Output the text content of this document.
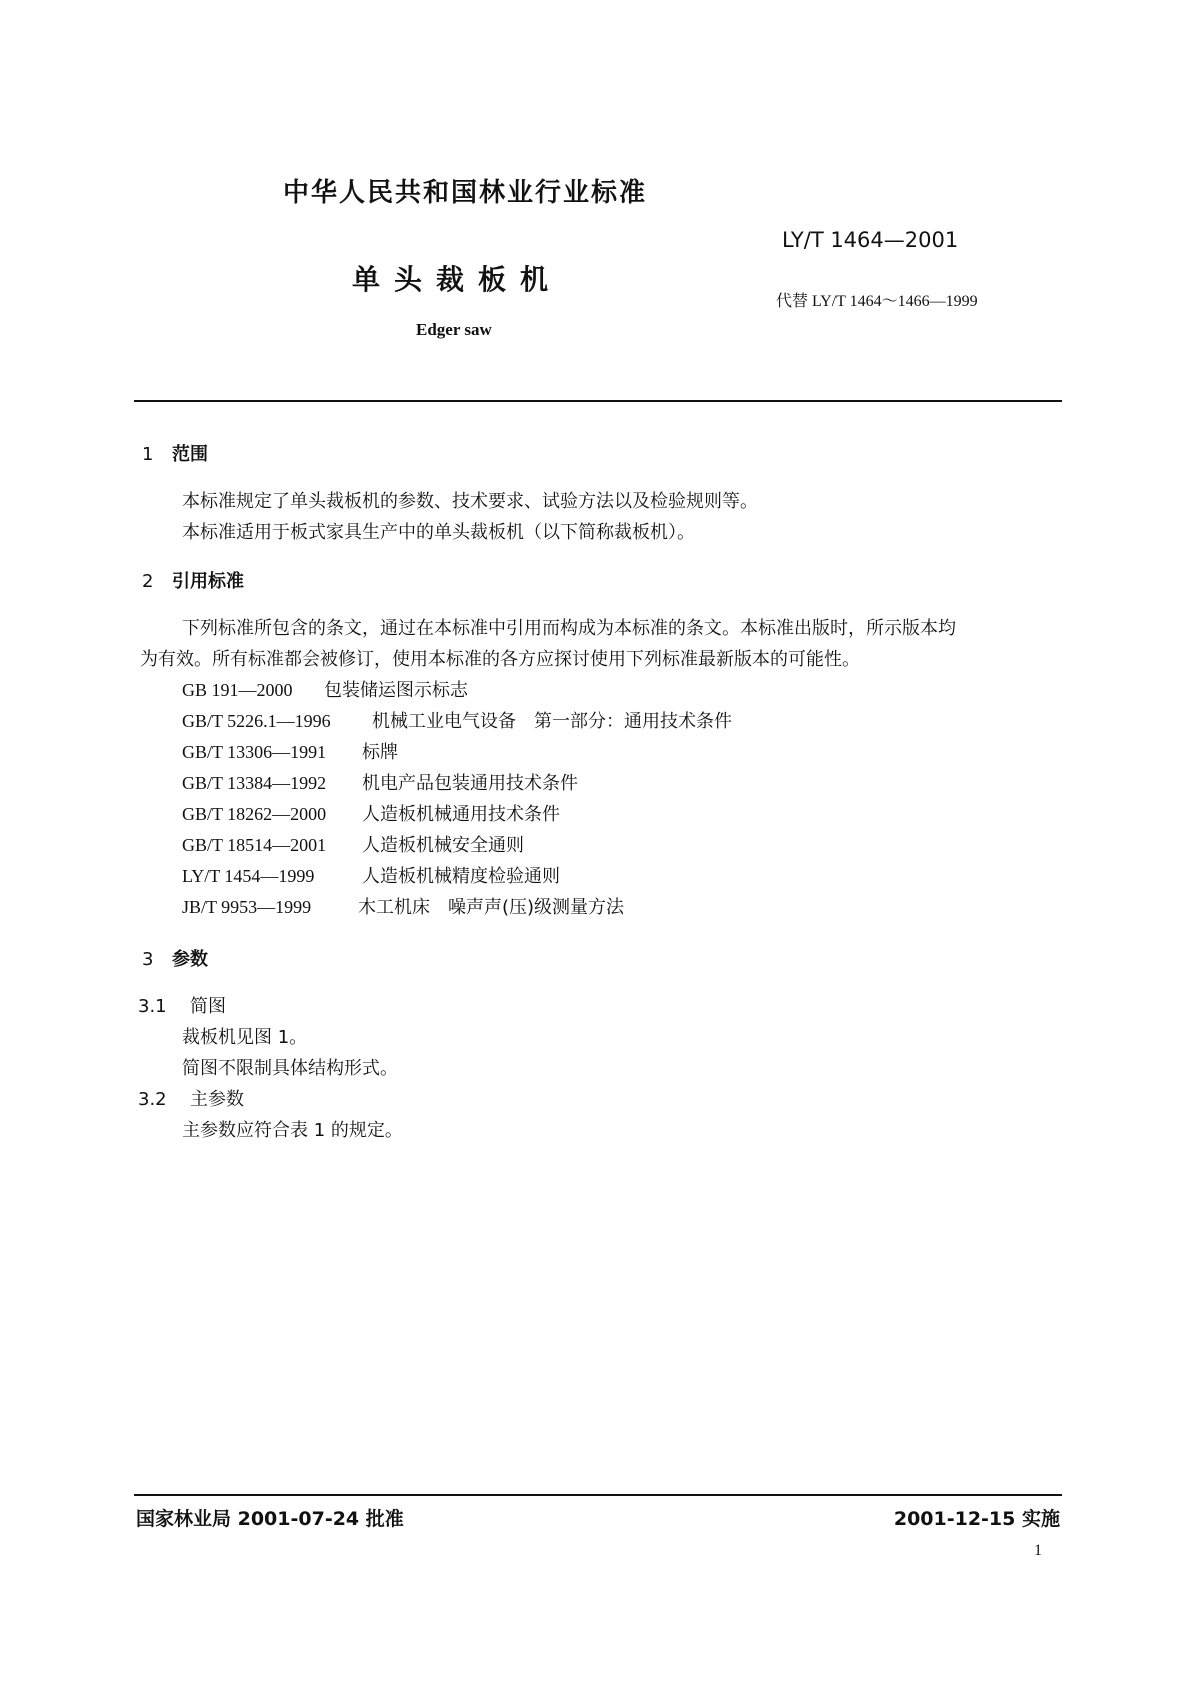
中华人民共和国林业行业标准
LY/T 1464—2001
单头裁板机
代替 LY/T 1464～1466—1999
Edger saw
1 范围
本标准规定了单头裁板机的参数、技术要求、试验方法以及检验规则等。
本标准适用于板式家具生产中的单头裁板机（以下简称裁板机）。
2 引用标准
下列标准所包含的条文，通过在本标准中引用而构成为本标准的条文。本标准出版时，所示版本均
为有效。所有标准都会被修订，使用本标准的各方应探讨使用下列标准最新版本的可能性。
GB 191—2000 包装储运图示标志
GB/T 5226.1—1996 机械工业电气设备　第一部分：通用技术条件
GB/T 13306—1991 标牌
GB/T 13384—1992 机电产品包装通用技术条件
GB/T 18262—2000 人造板机械通用技术条件
GB/T 18514—2001 人造板机械安全通则
LY/T 1454—1999	人造板机械精度检验通则
JB/T 9953—1999	木工机床　噪声声(压)级测量方法
3 参数
3.1 简图
裁板机见图 1。
简图不限制具体结构形式。
3.2 主参数
主参数应符合表 1 的规定。
国家林业局 2001-07-24 批准	2001-12-15 实施
1
